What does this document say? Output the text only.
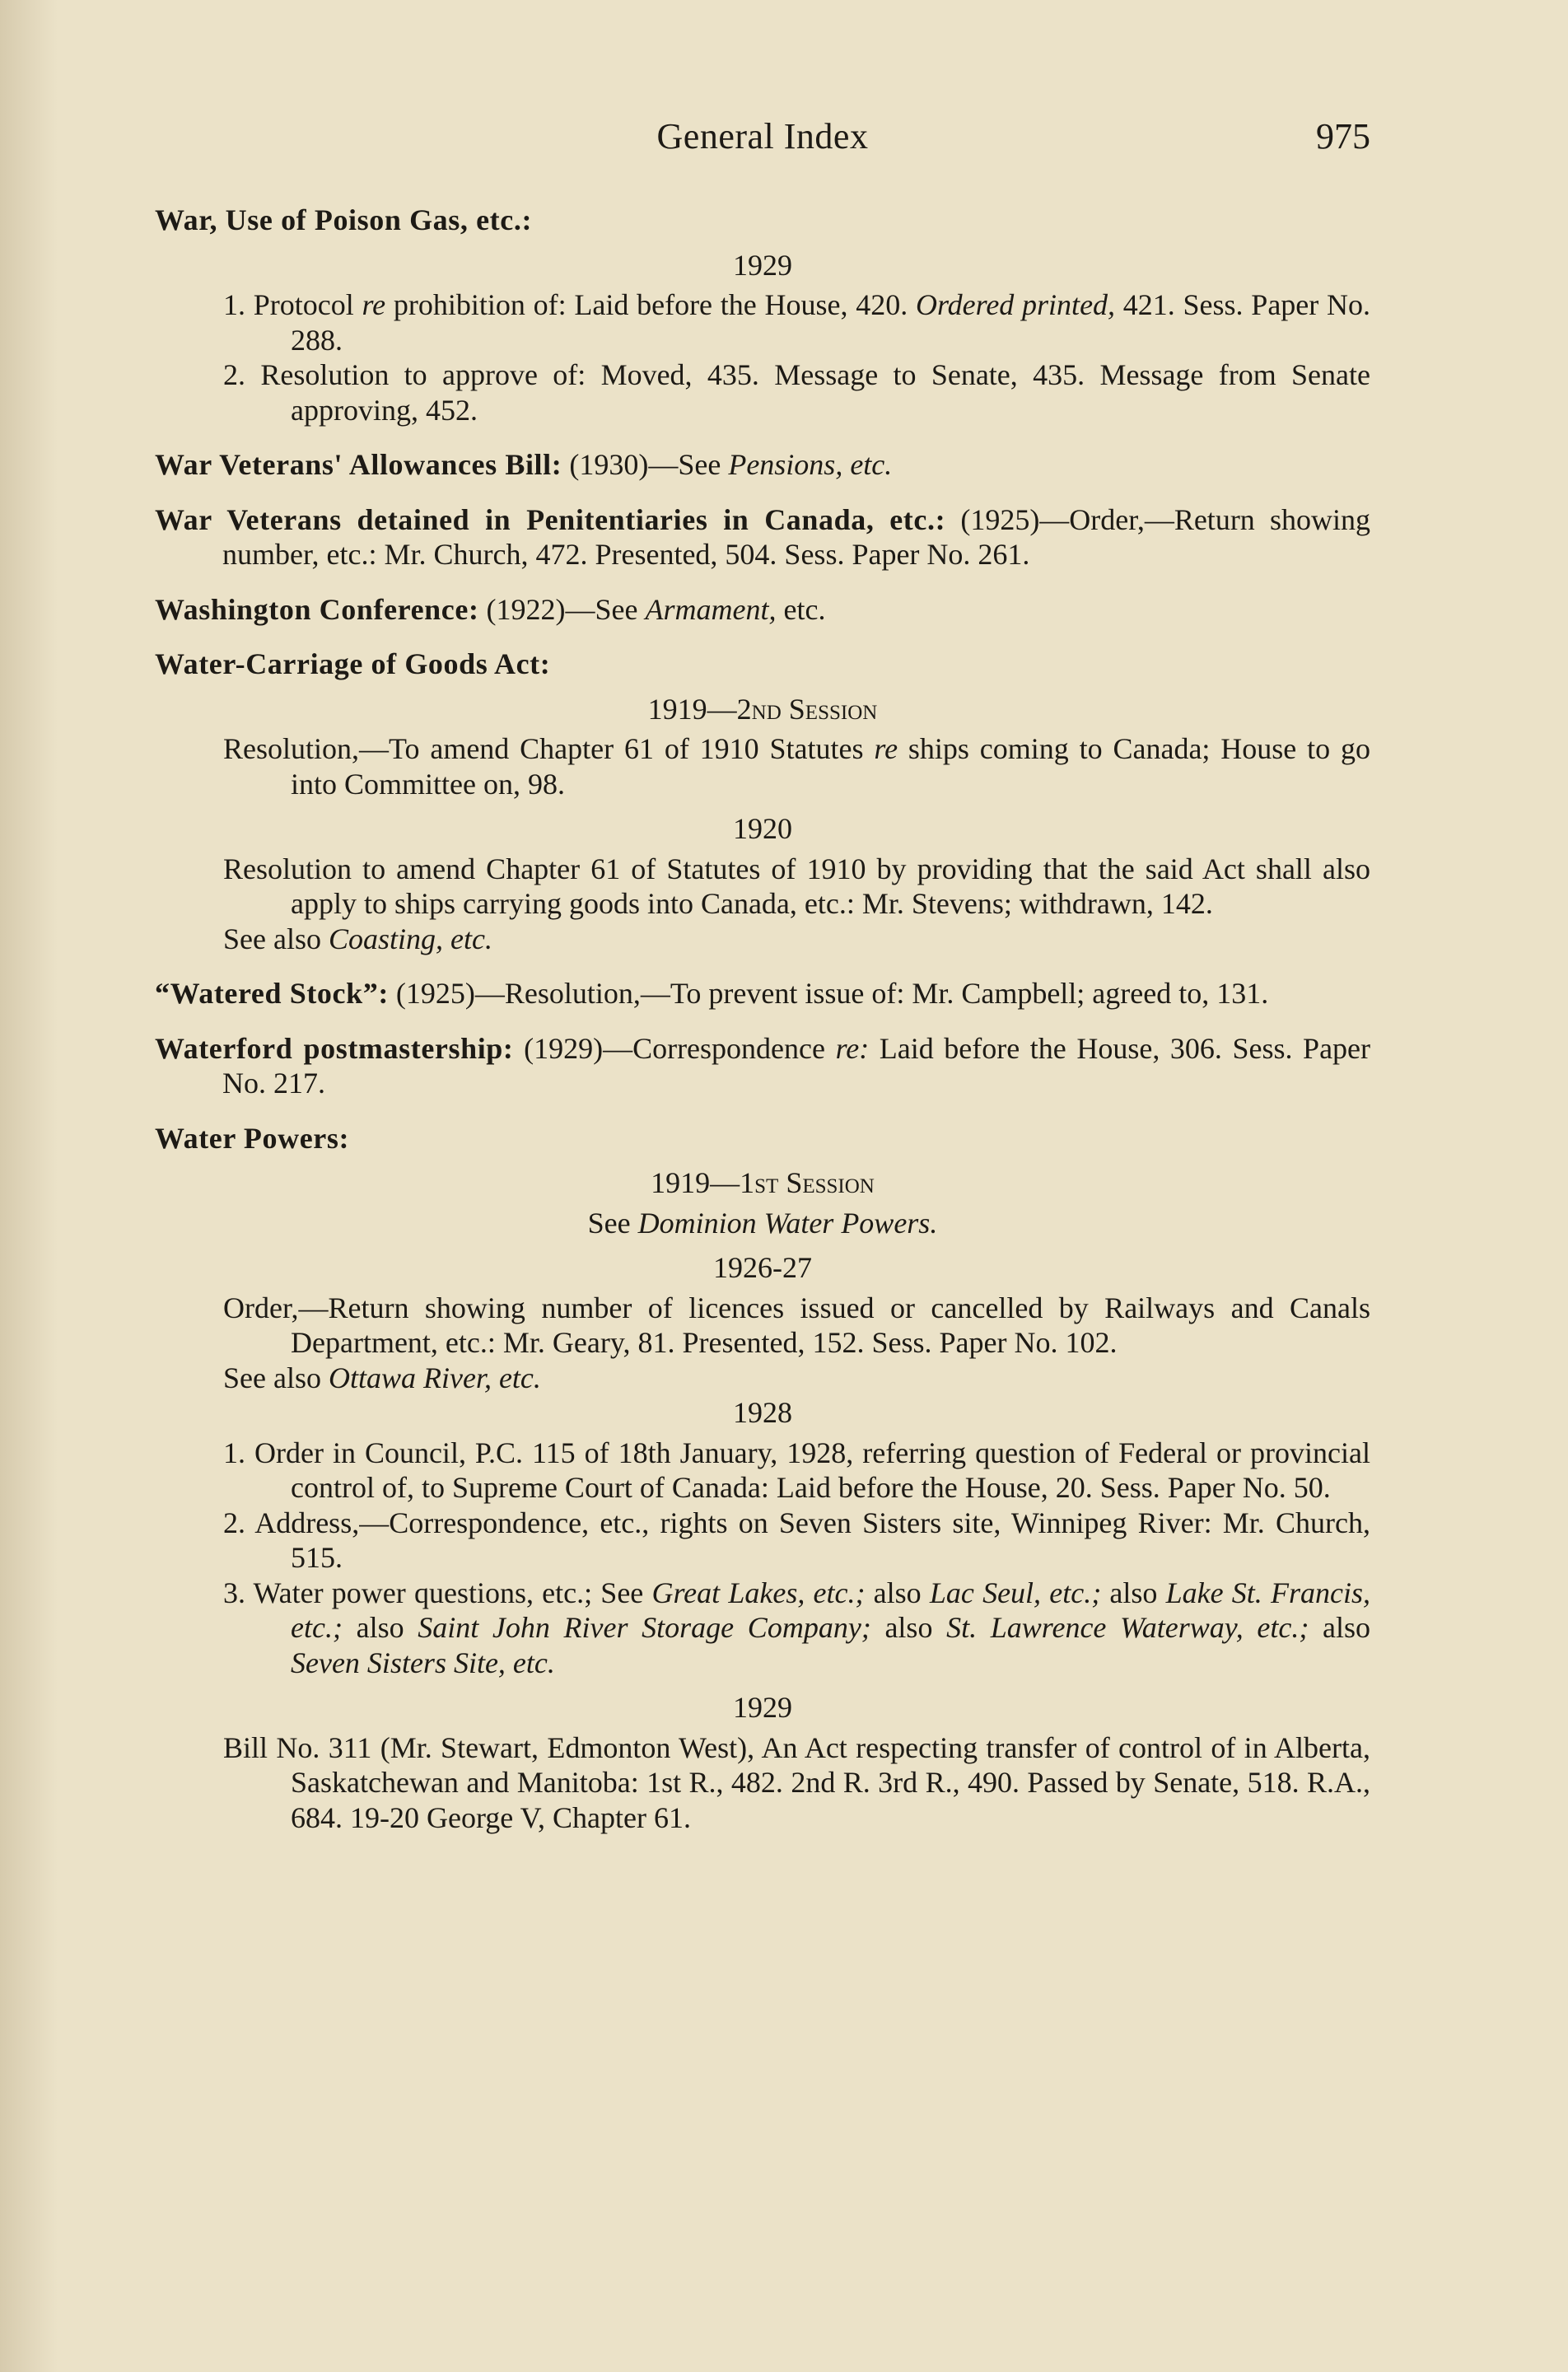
General Index	975
War, Use of Poison Gas, etc.:
1929
1. Protocol re prohibition of: Laid before the House, 420. Ordered printed, 421. Sess. Paper No. 288.
2. Resolution to approve of: Moved, 435. Message to Senate, 435. Message from Senate approving, 452.
War Veterans' Allowances Bill: (1930)—See Pensions, etc.
War Veterans detained in Penitentiaries in Canada, etc.: (1925)—Order,—Return showing number, etc.: Mr. Church, 472. Presented, 504. Sess. Paper No. 261.
Washington Conference: (1922)—See Armament, etc.
Water-Carriage of Goods Act:
1919—2nd Session
Resolution,—To amend Chapter 61 of 1910 Statutes re ships coming to Canada; House to go into Committee on, 98.
1920
Resolution to amend Chapter 61 of Statutes of 1910 by providing that the said Act shall also apply to ships carrying goods into Canada, etc.: Mr. Stevens; withdrawn, 142.
See also Coasting, etc.
“Watered Stock”: (1925)—Resolution,—To prevent issue of: Mr. Campbell; agreed to, 131.
Waterford postmastership: (1929)—Correspondence re: Laid before the House, 306. Sess. Paper No. 217.
Water Powers:
1919—1st Session
See Dominion Water Powers.
1926-27
Order,—Return showing number of licences issued or cancelled by Railways and Canals Department, etc.: Mr. Geary, 81. Presented, 152. Sess. Paper No. 102.
See also Ottawa River, etc.
1928
1. Order in Council, P.C. 115 of 18th January, 1928, referring question of Federal or provincial control of, to Supreme Court of Canada: Laid before the House, 20. Sess. Paper No. 50.
2. Address,—Correspondence, etc., rights on Seven Sisters site, Winnipeg River: Mr. Church, 515.
3. Water power questions, etc.; See Great Lakes, etc.; also Lac Seul, etc.; also Lake St. Francis, etc.; also Saint John River Storage Company; also St. Lawrence Waterway, etc.; also Seven Sisters Site, etc.
1929
Bill No. 311 (Mr. Stewart, Edmonton West), An Act respecting transfer of control of in Alberta, Saskatchewan and Manitoba: 1st R., 482. 2nd R. 3rd R., 490. Passed by Senate, 518. R.A., 684. 19-20 George V, Chapter 61.
